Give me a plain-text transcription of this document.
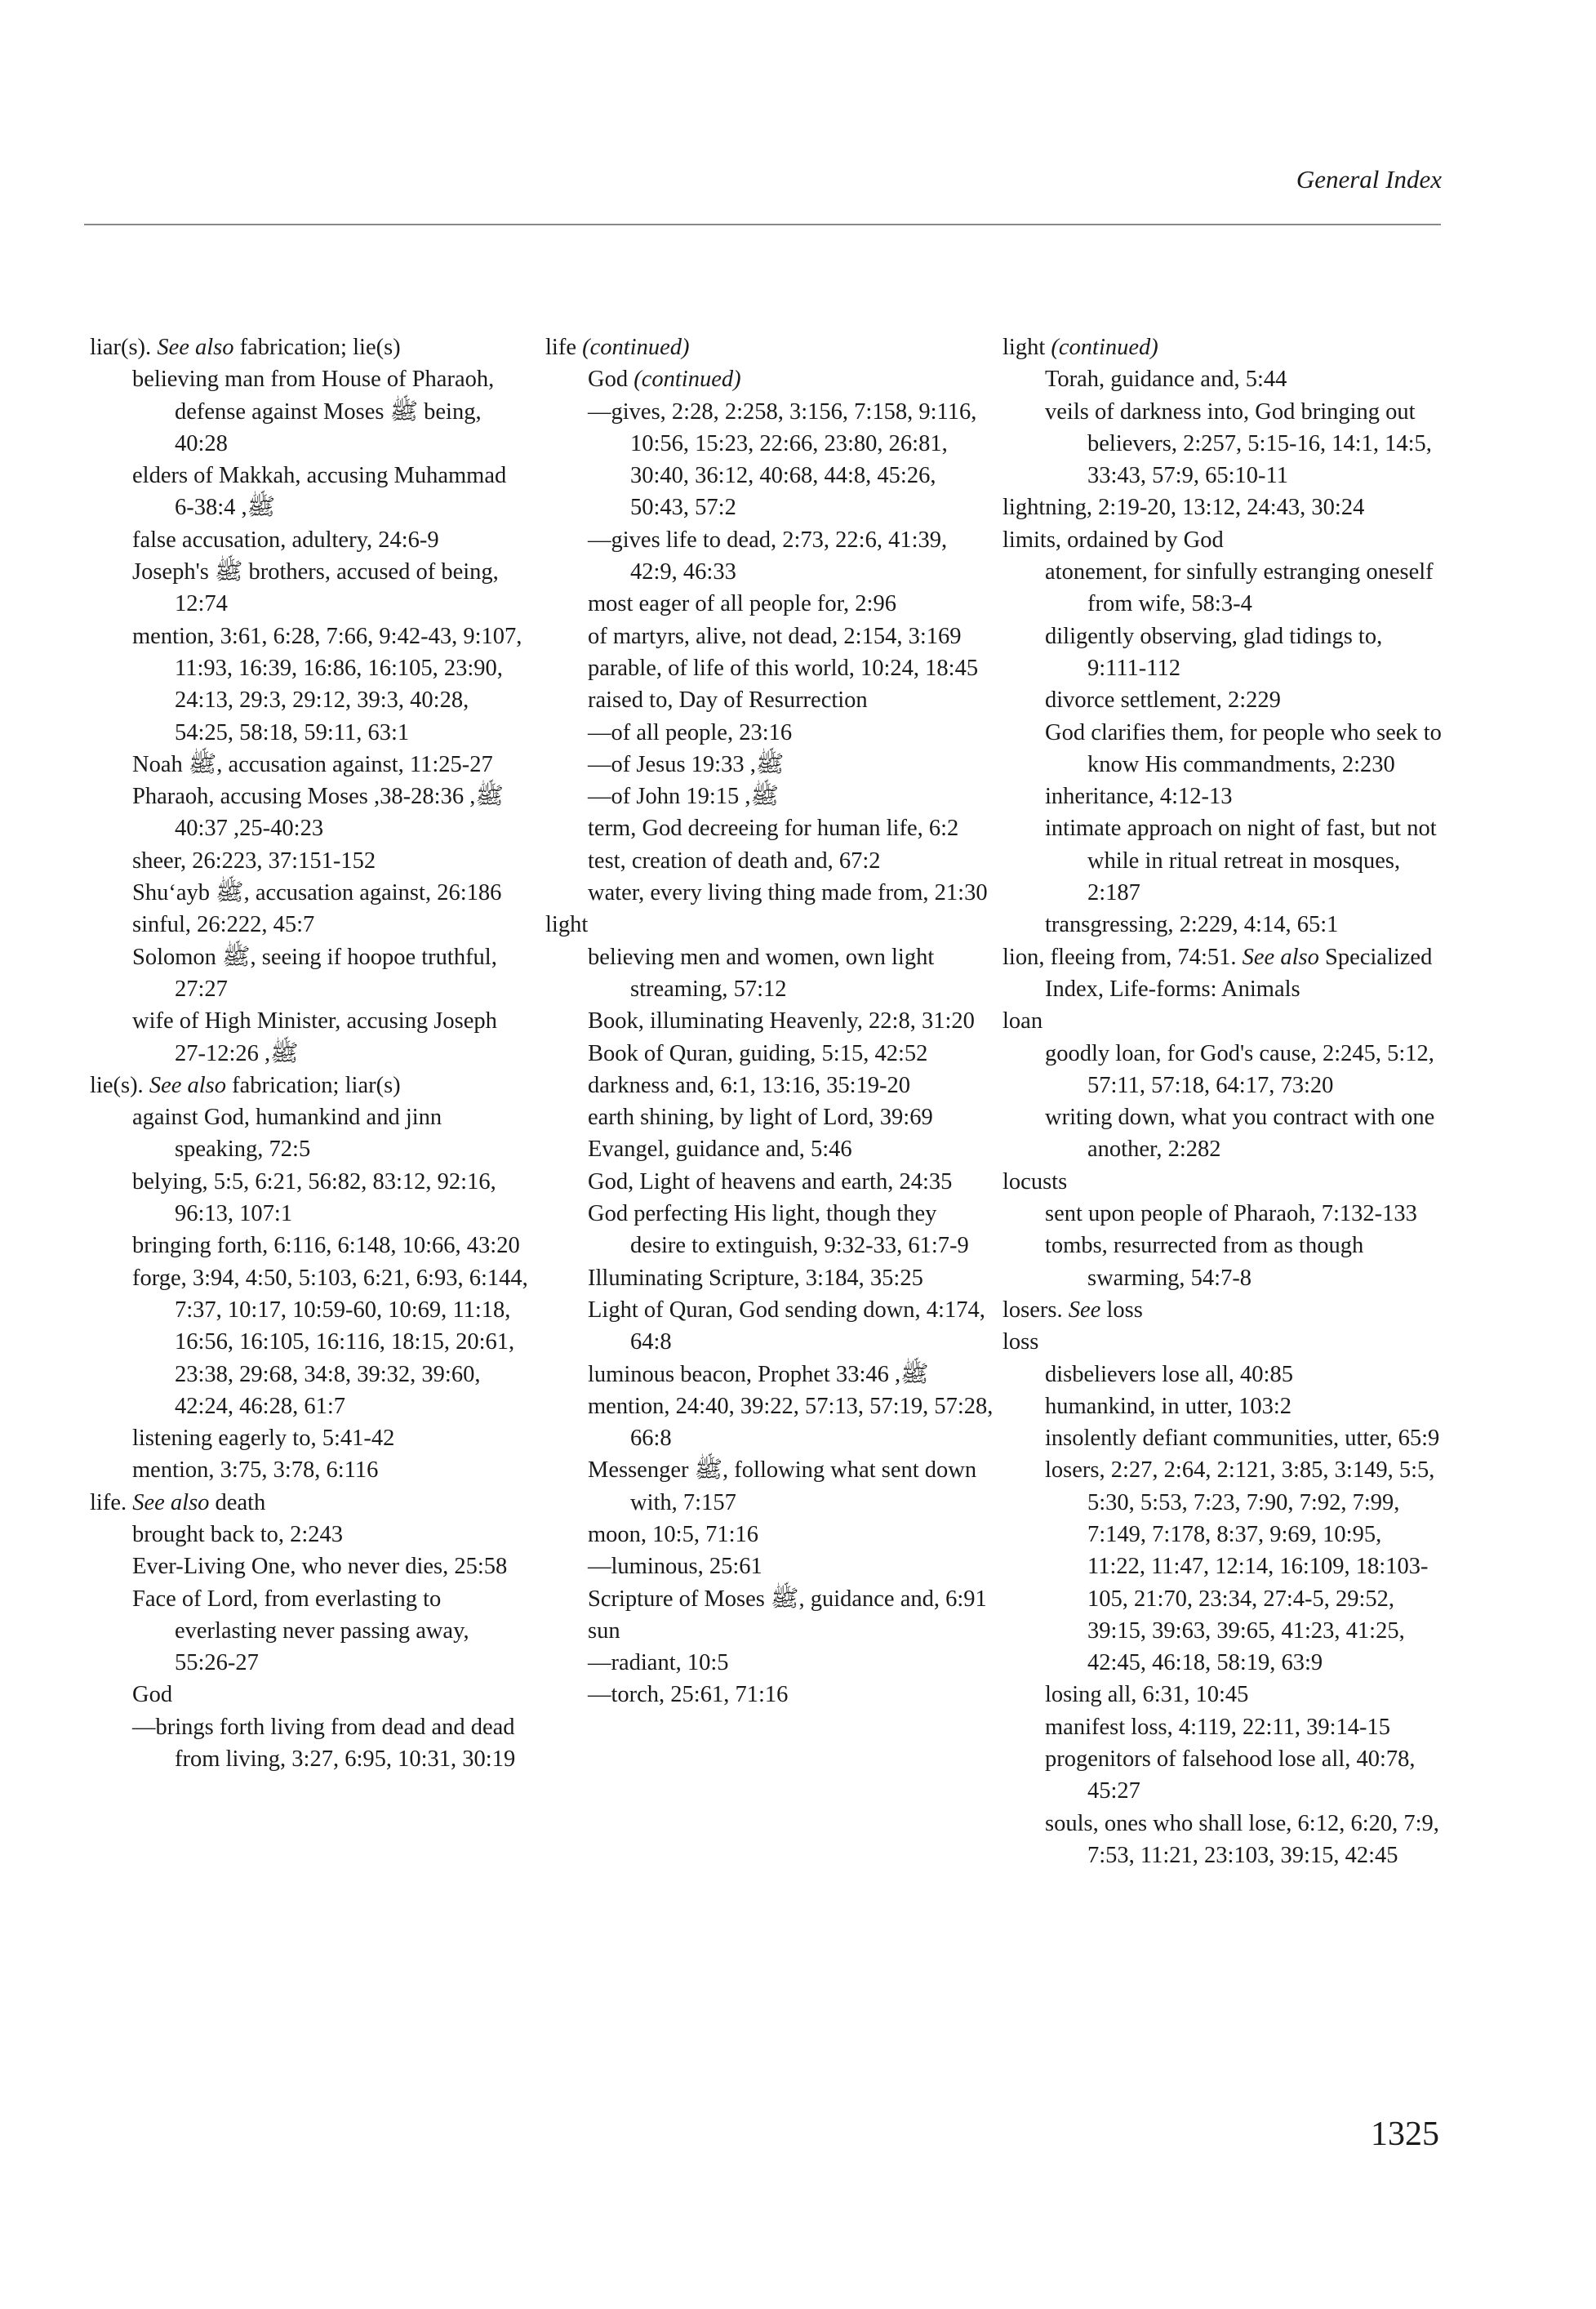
General Index
liar(s). See also fabrication; lie(s)
believing man from House of Pharaoh, defense against Moses ﷺ being, 40:28
elders of Makkah, accusing Muhammad ﷺ, 38:4-6
false accusation, adultery, 24:6-9
Joseph's ﷺ brothers, accused of being, 12:74
mention, 3:61, 6:28, 7:66, 9:42-43, 9:107, 11:93, 16:39, 16:86, 16:105, 23:90, 24:13, 29:3, 29:12, 39:3, 40:28, 54:25, 58:18, 59:11, 63:1
Noah ﷺ, accusation against, 11:25-27
Pharaoh, accusing Moses ﷺ, 28:36-38, 40:23-25, 40:37
sheer, 26:223, 37:151-152
Shu‘ayb ﷺ, accusation against, 26:186
sinful, 26:222, 45:7
Solomon ﷺ, seeing if hoopoe truthful, 27:27
wife of High Minister, accusing Joseph ﷺ, 12:26-27
lie(s). See also fabrication; liar(s)
against God, humankind and jinn speaking, 72:5
belying, 5:5, 6:21, 56:82, 83:12, 92:16, 96:13, 107:1
bringing forth, 6:116, 6:148, 10:66, 43:20
forge, 3:94, 4:50, 5:103, 6:21, 6:93, 6:144, 7:37, 10:17, 10:59-60, 10:69, 11:18, 16:56, 16:105, 16:116, 18:15, 20:61, 23:38, 29:68, 34:8, 39:32, 39:60, 42:24, 46:28, 61:7
listening eagerly to, 5:41-42
mention, 3:75, 3:78, 6:116
life. See also death
brought back to, 2:243
Ever-Living One, who never dies, 25:58
Face of Lord, from everlasting to everlasting never passing away, 55:26-27
God
—brings forth living from dead and dead from living, 3:27, 6:95, 10:31, 30:19
life (continued)
God (continued)
—gives, 2:28, 2:258, 3:156, 7:158, 9:116, 10:56, 15:23, 22:66, 23:80, 26:81, 30:40, 36:12, 40:68, 44:8, 45:26, 50:43, 57:2
—gives life to dead, 2:73, 22:6, 41:39, 42:9, 46:33
most eager of all people for, 2:96
of martyrs, alive, not dead, 2:154, 3:169
parable, of life of this world, 10:24, 18:45
raised to, Day of Resurrection
—of all people, 23:16
—of Jesus ﷺ, 19:33
—of John ﷺ, 19:15
term, God decreeing for human life, 6:2
test, creation of death and, 67:2
water, every living thing made from, 21:30
light
believing men and women, own light streaming, 57:12
Book, illuminating Heavenly, 22:8, 31:20
Book of Quran, guiding, 5:15, 42:52
darkness and, 6:1, 13:16, 35:19-20
earth shining, by light of Lord, 39:69
Evangel, guidance and, 5:46
God, Light of heavens and earth, 24:35
God perfecting His light, though they desire to extinguish, 9:32-33, 61:7-9
Illuminating Scripture, 3:184, 35:25
Light of Quran, God sending down, 4:174, 64:8
luminous beacon, Prophet ﷺ, 33:46
mention, 24:40, 39:22, 57:13, 57:19, 57:28, 66:8
Messenger ﷺ, following what sent down with, 7:157
moon, 10:5, 71:16
—luminous, 25:61
Scripture of Moses ﷺ, guidance and, 6:91
sun
—radiant, 10:5
—torch, 25:61, 71:16
light (continued)
Torah, guidance and, 5:44
veils of darkness into, God bringing out believers, 2:257, 5:15-16, 14:1, 14:5, 33:43, 57:9, 65:10-11
lightning, 2:19-20, 13:12, 24:43, 30:24
limits, ordained by God
atonement, for sinfully estranging oneself from wife, 58:3-4
diligently observing, glad tidings to, 9:111-112
divorce settlement, 2:229
God clarifies them, for people who seek to know His commandments, 2:230
inheritance, 4:12-13
intimate approach on night of fast, but not while in ritual retreat in mosques, 2:187
transgressing, 2:229, 4:14, 65:1
lion, fleeing from, 74:51. See also Specialized Index, Life-forms: Animals
loan
goodly loan, for God's cause, 2:245, 5:12, 57:11, 57:18, 64:17, 73:20
writing down, what you contract with one another, 2:282
locusts
sent upon people of Pharaoh, 7:132-133
tombs, resurrected from as though swarming, 54:7-8
losers. See loss
loss
disbelievers lose all, 40:85
humankind, in utter, 103:2
insolently defiant communities, utter, 65:9
losers, 2:27, 2:64, 2:121, 3:85, 3:149, 5:5, 5:30, 5:53, 7:23, 7:90, 7:92, 7:99, 7:149, 7:178, 8:37, 9:69, 10:95, 11:22, 11:47, 12:14, 16:109, 18:103-105, 21:70, 23:34, 27:4-5, 29:52, 39:15, 39:63, 39:65, 41:23, 41:25, 42:45, 46:18, 58:19, 63:9
losing all, 6:31, 10:45
manifest loss, 4:119, 22:11, 39:14-15
progenitors of falsehood lose all, 40:78, 45:27
souls, ones who shall lose, 6:12, 6:20, 7:9, 7:53, 11:21, 23:103, 39:15, 42:45
1325
